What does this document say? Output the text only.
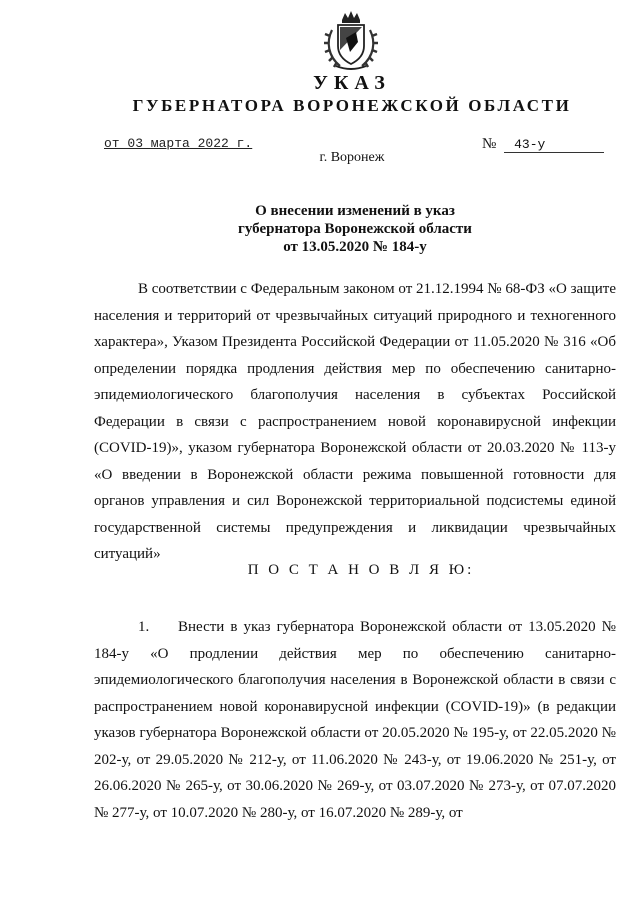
УКАЗ
ГУБЕРНАТОРА ВОРОНЕЖСКОЙ ОБЛАСТИ
от 03 марта 2022 г.	№ 43-у
г. Воронеж
О внесении изменений в указ
губернатора Воронежской области
от 13.05.2020 № 184-у
В соответствии с Федеральным законом от 21.12.1994 № 68-ФЗ «О защите населения и территорий от чрезвычайных ситуаций природного и техногенного характера», Указом Президента Российской Федерации от 11.05.2020 № 316 «Об определении порядка продления действия мер по обеспечению санитарно-эпидемиологического благополучия населения в субъектах Российской Федерации в связи с распространением новой коронавирусной инфекции (COVID-19)», указом губернатора Воронежской области от 20.03.2020 № 113-у «О введении в Воронежской области режима повышенной готовности для органов управления и сил Воронежской территориальной подсистемы единой государственной системы предупреждения и ликвидации чрезвычайных ситуаций»
П О С Т А Н О В Л Я Ю:
1. Внести в указ губернатора Воронежской области от 13.05.2020 № 184-у «О продлении действия мер по обеспечению санитарно-эпидемиологического благополучия населения в Воронежской области в связи с распространением новой коронавирусной инфекции (COVID-19)» (в редакции указов губернатора Воронежской области от 20.05.2020 № 195-у, от 22.05.2020 № 202-у, от 29.05.2020 № 212-у, от 11.06.2020 № 243-у, от 19.06.2020 № 251-у, от 26.06.2020 № 265-у, от 30.06.2020 № 269-у, от 03.07.2020 № 273-у, от 07.07.2020 № 277-у, от 10.07.2020 № 280-у, от 16.07.2020 № 289-у, от
